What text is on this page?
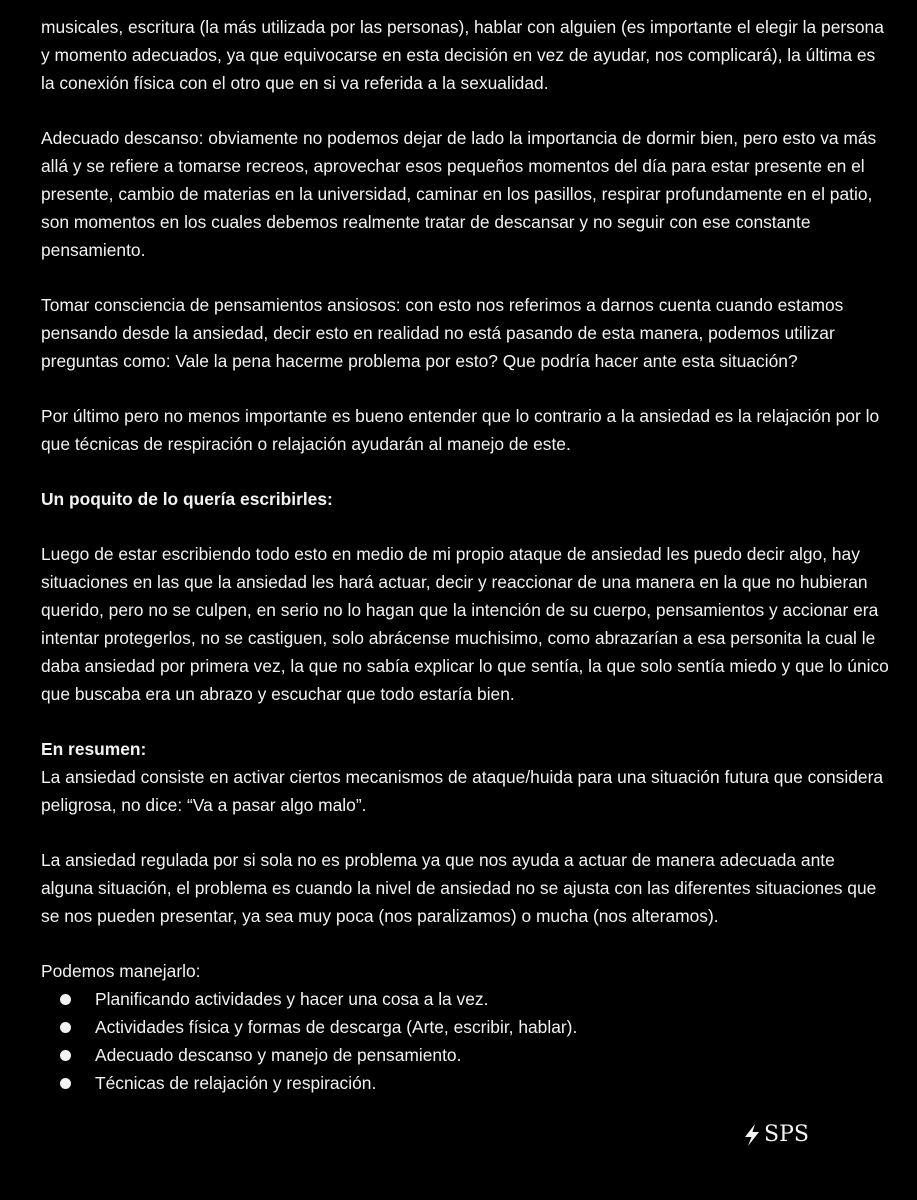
musicales, escritura (la más utilizada por las personas), hablar con alguien (es importante el elegir la persona y momento adecuados, ya que equivocarse en esta decisión en vez de ayudar, nos complicará), la última es la conexión física con el otro que en si va referida a la sexualidad.

Adecuado descanso: obviamente no podemos dejar de lado la importancia de dormir bien, pero esto va más allá y se refiere a tomarse recreos, aprovechar esos pequeños momentos del día para estar presente en el presente, cambio de materias en la universidad, caminar en los pasillos, respirar profundamente en el patio, son momentos en los cuales debemos realmente tratar de descansar y no seguir con ese constante pensamiento.

Tomar consciencia de pensamientos ansiosos: con esto nos referimos a darnos cuenta cuando estamos pensando desde la ansiedad, decir esto en realidad no está pasando de esta manera, podemos utilizar preguntas como: Vale la pena hacerme problema por esto? Que podría hacer ante esta situación?

Por último pero no menos importante es bueno entender que lo contrario a la ansiedad es la relajación por lo que técnicas de respiración o relajación ayudarán al manejo de este.

Un poquito de lo quería escribirles:

Luego de estar escribiendo todo esto en medio de mi propio ataque de ansiedad les puedo decir algo, hay situaciones en las que la ansiedad les hará actuar, decir y reaccionar de una manera en la que no hubieran querido, pero no se culpen, en serio no lo hagan que la intención de su cuerpo, pensamientos y accionar era intentar protegerlos, no se castiguen, solo abrácense muchisimo, como abrazarían a esa personita la cual le daba ansiedad por primera vez, la que no sabía explicar lo que sentía, la que solo sentía miedo y que lo único que buscaba era un abrazo y escuchar que todo estaría bien.

En resumen:

La ansiedad consiste en activar ciertos mecanismos de ataque/huida para una situación futura que considera peligrosa, no dice: “Va a pasar algo malo”.

La ansiedad regulada por si sola no es problema ya que nos ayuda a actuar de manera adecuada ante alguna situación, el problema es cuando la nivel de ansiedad no se ajusta con las diferentes situaciones que se nos pueden presentar, ya sea muy poca (nos paralizamos) o mucha (nos alteramos).

Podemos manejarlo:

Planificando actividades y hacer una cosa a la vez.
Actividades física y formas de descarga (Arte, escribir, hablar).
Adecuado descanso y manejo de pensamiento.
Técnicas de relajación y respiración.
SPS
